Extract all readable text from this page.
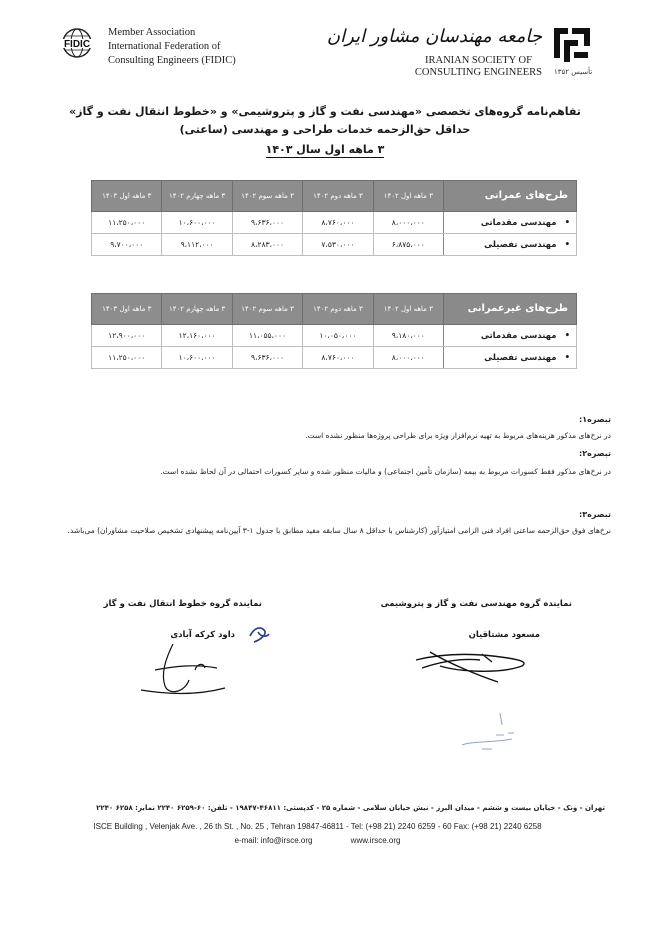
FIDIC
Member Association
International Federation of
Consulting Engineers (FIDIC)
جامعه مهندسان مشاور ایران
IRANIAN SOCIETY OF
CONSULTING ENGINEERS تأسیس ۱۳۵۲
تفاهم‌نامه گروه‌های تخصصی «مهندسی نفت و گاز و پتروشیمی» و «خطوط انتقال نفت و گاز»
حداقل حق‌الزحمه خدمات طراحی و مهندسی (ساعتی)
۳ ماهه اول سال ۱۴۰۳
طرح‌های عمرانی	۳ ماهه اول ۱۴۰۲	۳ ماهه دوم ۱۴۰۲	۳ ماهه سوم ۱۴۰۲	۳ ماهه چهارم ۱۴۰۲	۳ ماهه اول ۱۴۰۳
•مهندسی مقدماتی	۸،۰۰۰،۰۰۰	۸،۷۶۰،۰۰۰	۹،۶۳۶،۰۰۰	۱۰،۶۰۰،۰۰۰	۱۱،۲۵۰،۰۰۰
•مهندسی تفصیلی	۶،۸۷۵،۰۰۰	۷،۵۳۰،۰۰۰	۸،۲۸۳،۰۰۰	۹،۱۱۲،۰۰۰	۹،۷۰۰،۰۰۰
طرح‌های غیرعمرانی	۳ ماهه اول ۱۴۰۲	۳ ماهه دوم ۱۴۰۲	۳ ماهه سوم ۱۴۰۲	۳ ماهه چهارم ۱۴۰۲	۳ ماهه اول ۱۴۰۳
•مهندسی مقدماتی	۹،۱۸۰،۰۰۰	۱۰،۰۵۰،۰۰۰	۱۱،۰۵۵،۰۰۰	۱۲،۱۶۰،۰۰۰	۱۲،۹۰۰،۰۰۰
•مهندسی تفصیلی	۸،۰۰۰،۰۰۰	۸،۷۶۰،۰۰۰	۹،۶۳۶،۰۰۰	۱۰،۶۰۰،۰۰۰	۱۱،۲۵۰،۰۰۰
تبصره۱:
در نرخ‌های مذکور هزینه‌های مربوط به تهیه نرم‌افزار ویژه برای طراحی پروژه‌ها منظور نشده است.
تبصره۲:
در نرخ‌های مذکور فقط کسورات مربوط به بیمه (سازمان تأمین اجتماعی) و مالیات منظور شده و سایر کسورات احتمالی در آن لحاظ نشده است.
تبصره۳:
نرخ‌های فوق حق‌الزحمه ساعتی افراد فنی الزامی امتیازآور (کارشناس با حداقل ۸ سال سابقه مفید مطابق با جدول ۱-۳ آیین‌نامه پیشنهادی تشخیص صلاحیت مشاوران) می‌باشد.
نماینده گروه مهندسی نفت و گاز و پتروشیمی
مسعود مشتاقیان
نماینده گروه خطوط انتقال نفت و گاز
داود کرکه آبادی
تهران - ونک - خیابان بیست و ششم - میدان البرز - نبش خیابان سلامی - شماره ۲۵ - کدپستی: ۴۶۸۱۱-۱۹۸۴۷ - تلفن: ۶۰-۶۲۵۹ ۲۲۴۰ نمابر: ۶۲۵۸ ۲۲۴۰
ISCE Building , Velenjak Ave. , 26 th St. , No. 25 , Tehran 19847-46811 - Tel: (+98 21) 2240 6259 - 60 Fax: (+98 21) 2240 6258
e-mail: info@irsce.org	www.irsce.org
